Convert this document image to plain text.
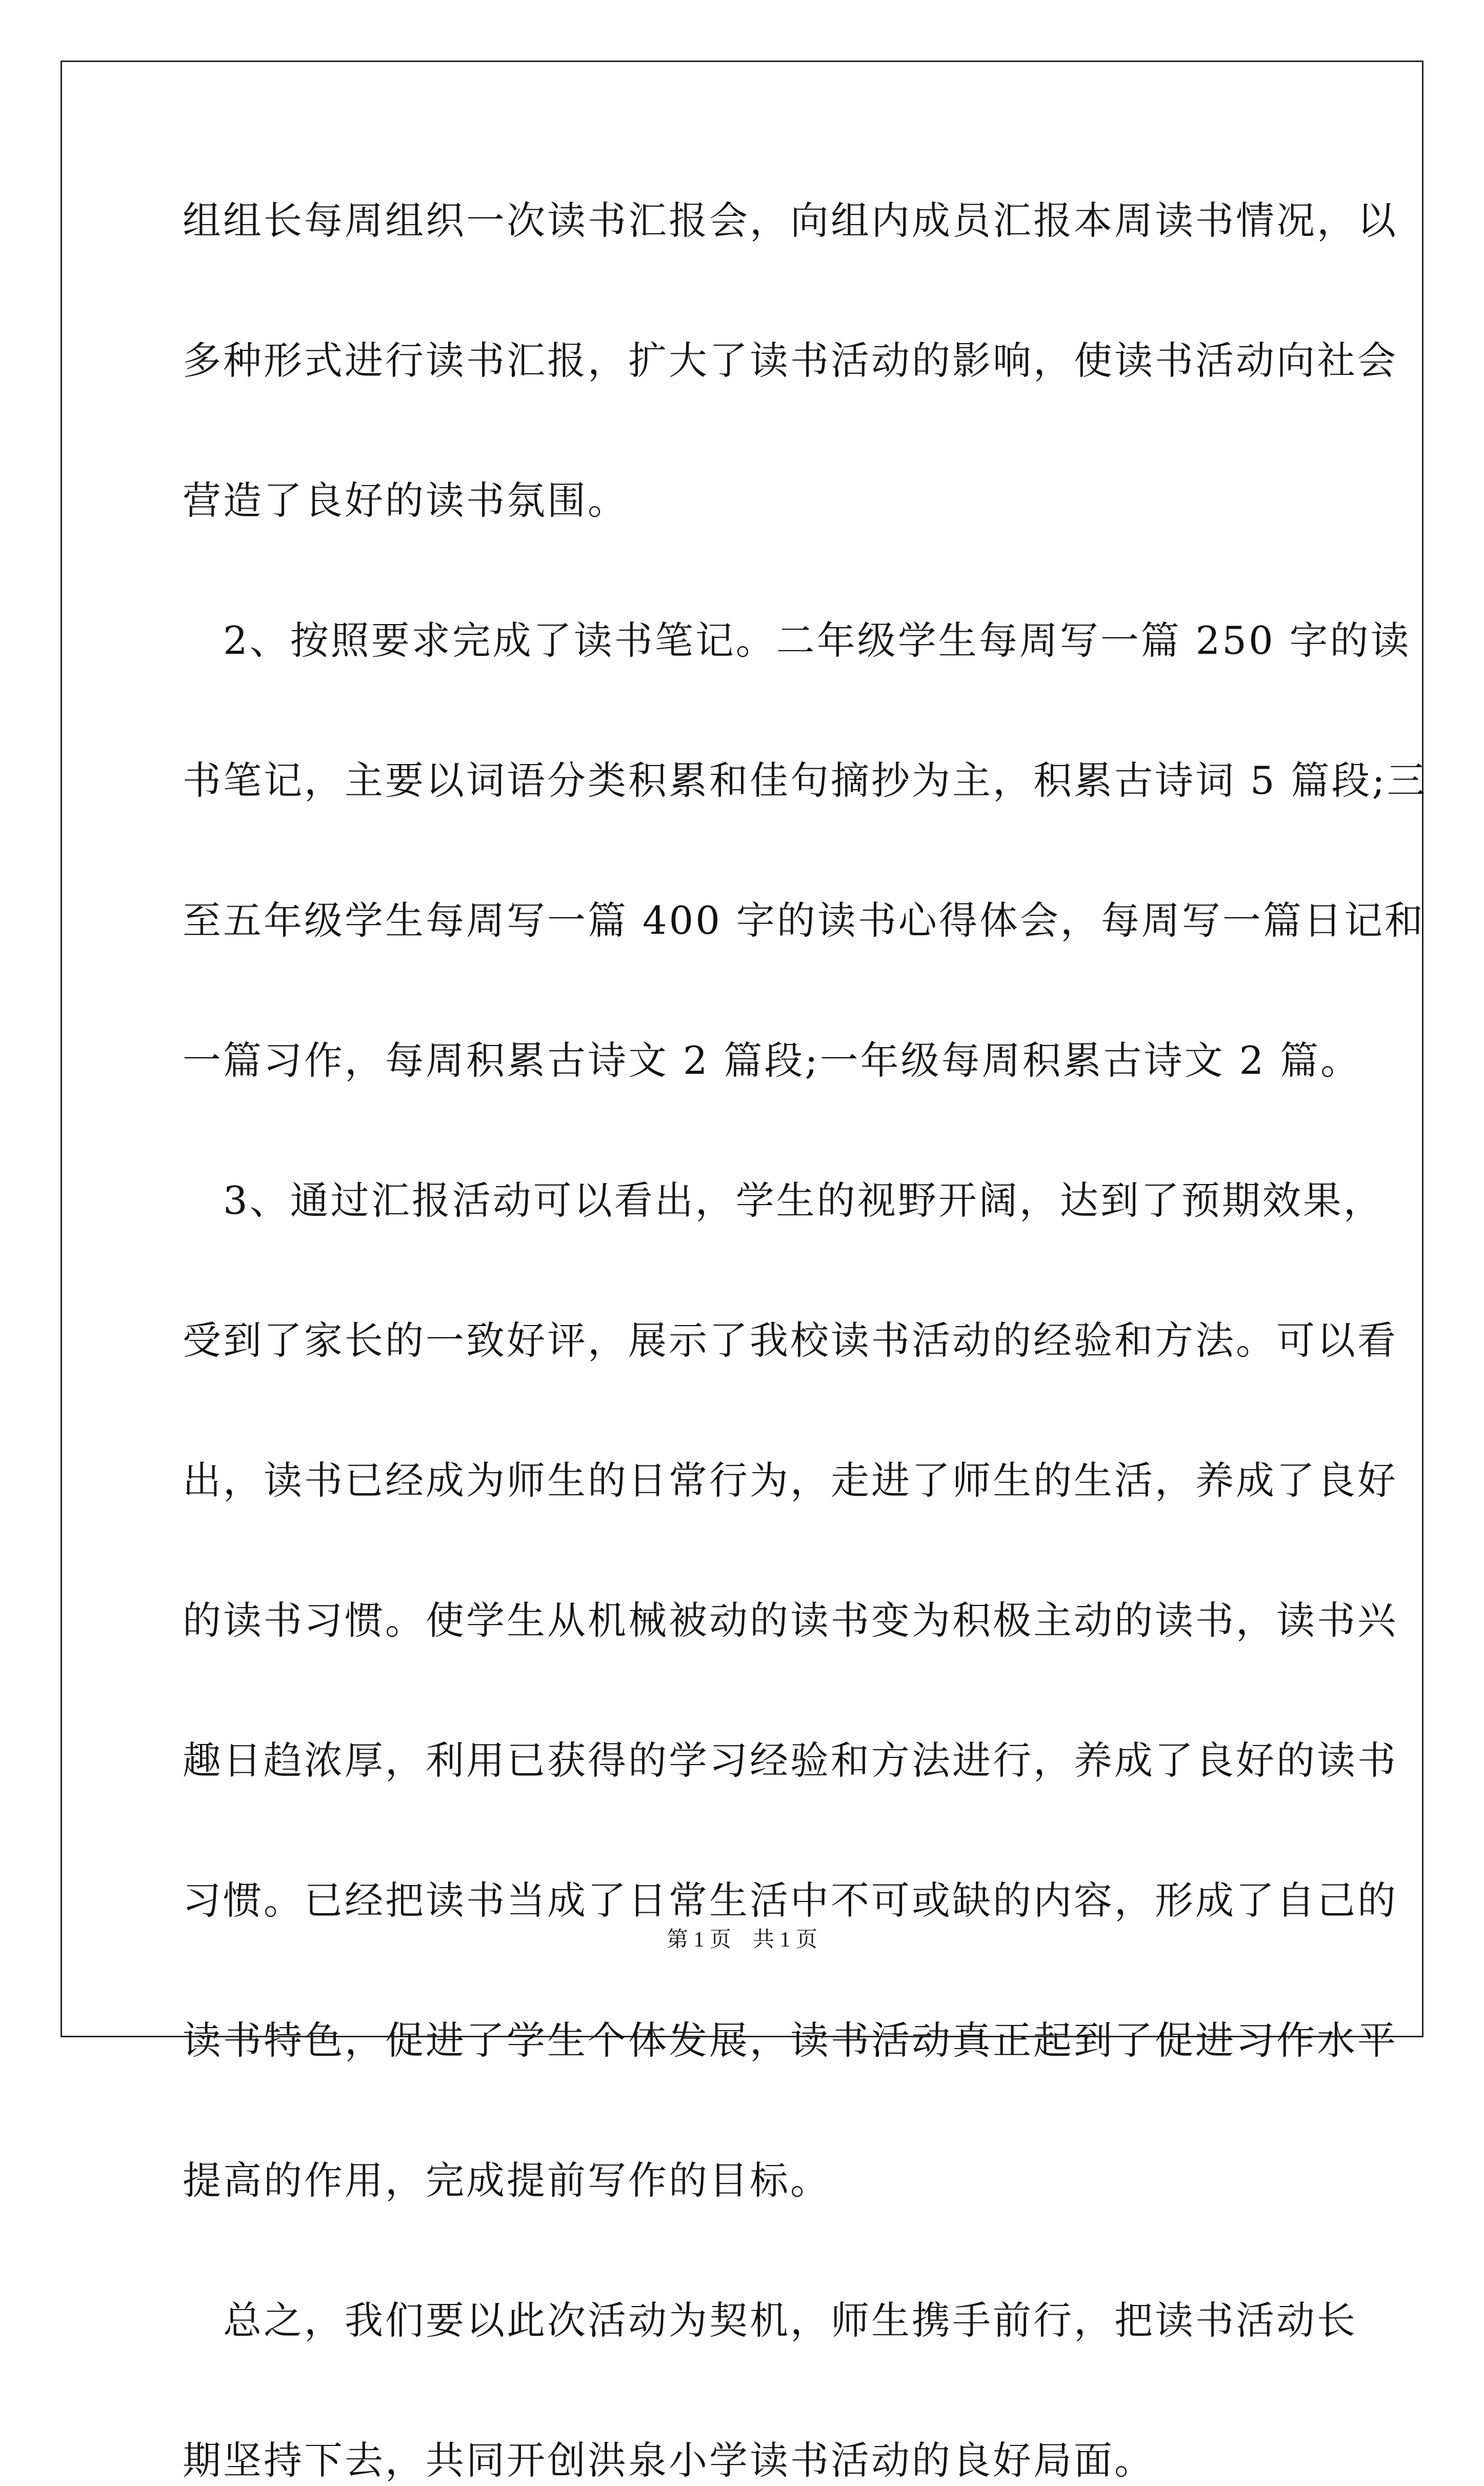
组组长每周组织一次读书汇报会，向组内成员汇报本周读书情况，以
多种形式进行读书汇报，扩大了读书活动的影响，使读书活动向社会
营造了良好的读书氛围。
　2、按照要求完成了读书笔记。二年级学生每周写一篇 250 字的读
书笔记，主要以词语分类积累和佳句摘抄为主，积累古诗词 5 篇段;三
至五年级学生每周写一篇 400 字的读书心得体会，每周写一篇日记和
一篇习作，每周积累古诗文 2 篇段;一年级每周积累古诗文 2 篇。
　3、通过汇报活动可以看出，学生的视野开阔，达到了预期效果，
受到了家长的一致好评，展示了我校读书活动的经验和方法。可以看
出，读书已经成为师生的日常行为，走进了师生的生活，养成了良好
的读书习惯。使学生从机械被动的读书变为积极主动的读书，读书兴
趣日趋浓厚，利用已获得的学习经验和方法进行，养成了良好的读书
习惯。已经把读书当成了日常生活中不可或缺的内容，形成了自己的
读书特色，促进了学生个体发展，读书活动真正起到了促进习作水平
提高的作用，完成提前写作的目标。
　总之，我们要以此次活动为契机，师生携手前行，把读书活动长
期坚持下去，共同开创洪泉小学读书活动的良好局面。
第 1 页　共 1 页
